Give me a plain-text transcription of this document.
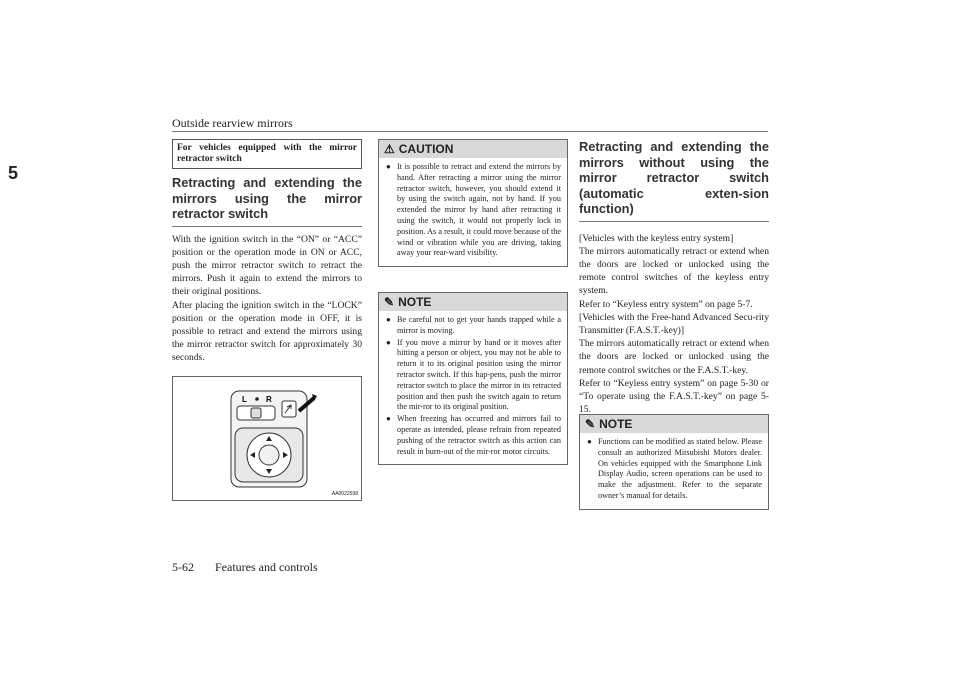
Outside rearview mirrors
5
For vehicles equipped with the mirror retractor switch
Retracting and extending the mirrors using the mirror retractor switch

With the ignition switch in the “ON” or “ACC” position or the operation mode in ON or ACC, push the mirror retractor switch to retract the mirrors. Push it again to extend the mirrors to their original positions.

After placing the ignition switch in the “LOCK” position or the operation mode in OFF, it is possible to retract and extend the mirrors using the mirror retractor switch for approximately 30 seconds.

L R
AA0022598
⚠ CAUTION
● It is possible to retract and extend the mirrors by hand. After retracting a mirror using the mirror retractor switch, however, you should extend it by using the switch again, not by hand. If you extended the mirror by hand after retracting it using the switch, it would not properly lock in position. As a result, it could move because of the wind or vibration while you are driving, taking away your rear-ward visibility.
✎ NOTE
● Be careful not to get your hands trapped while a mirror is moving.
● If you move a mirror by hand or it moves after hitting a person or object, you may not be able to return it to its original position using the mirror retractor switch. If this hap-pens, push the mirror retractor switch to place the mirror in its retracted position and then push the switch again to return the mir-ror to its original position.
● When freezing has occurred and mirrors fail to operate as intended, please refrain from repeated pushing of the retractor switch as this action can result in burn-out of the mir-ror motor circuits.
Retracting and extending the mirrors without using the mirror retractor switch (automatic exten-sion function)

[Vehicles with the keyless entry system]

The mirrors automatically retract or extend when the doors are locked or unlocked using the remote control switches of the keyless entry system.

Refer to “Keyless entry system” on page 5-7.

[Vehicles with the Free-hand Advanced Secu-rity Transmitter (F.A.S.T.-key)]

The mirrors automatically retract or extend when the doors are locked or unlocked using the remote control switches or the F.A.S.T.-key.

Refer to “Keyless entry system” on page 5-30 or “To operate using the F.A.S.T.-key” on page 5-15.

✎ NOTE
● Functions can be modified as stated below. Please consult an authorized Mitsubishi Motors dealer. On vehicles equipped with the Smartphone Link Display Audio, screen operations can be used to make the adjustment. Refer to the separate owner’s manual for details.
5-62 Features and controls
